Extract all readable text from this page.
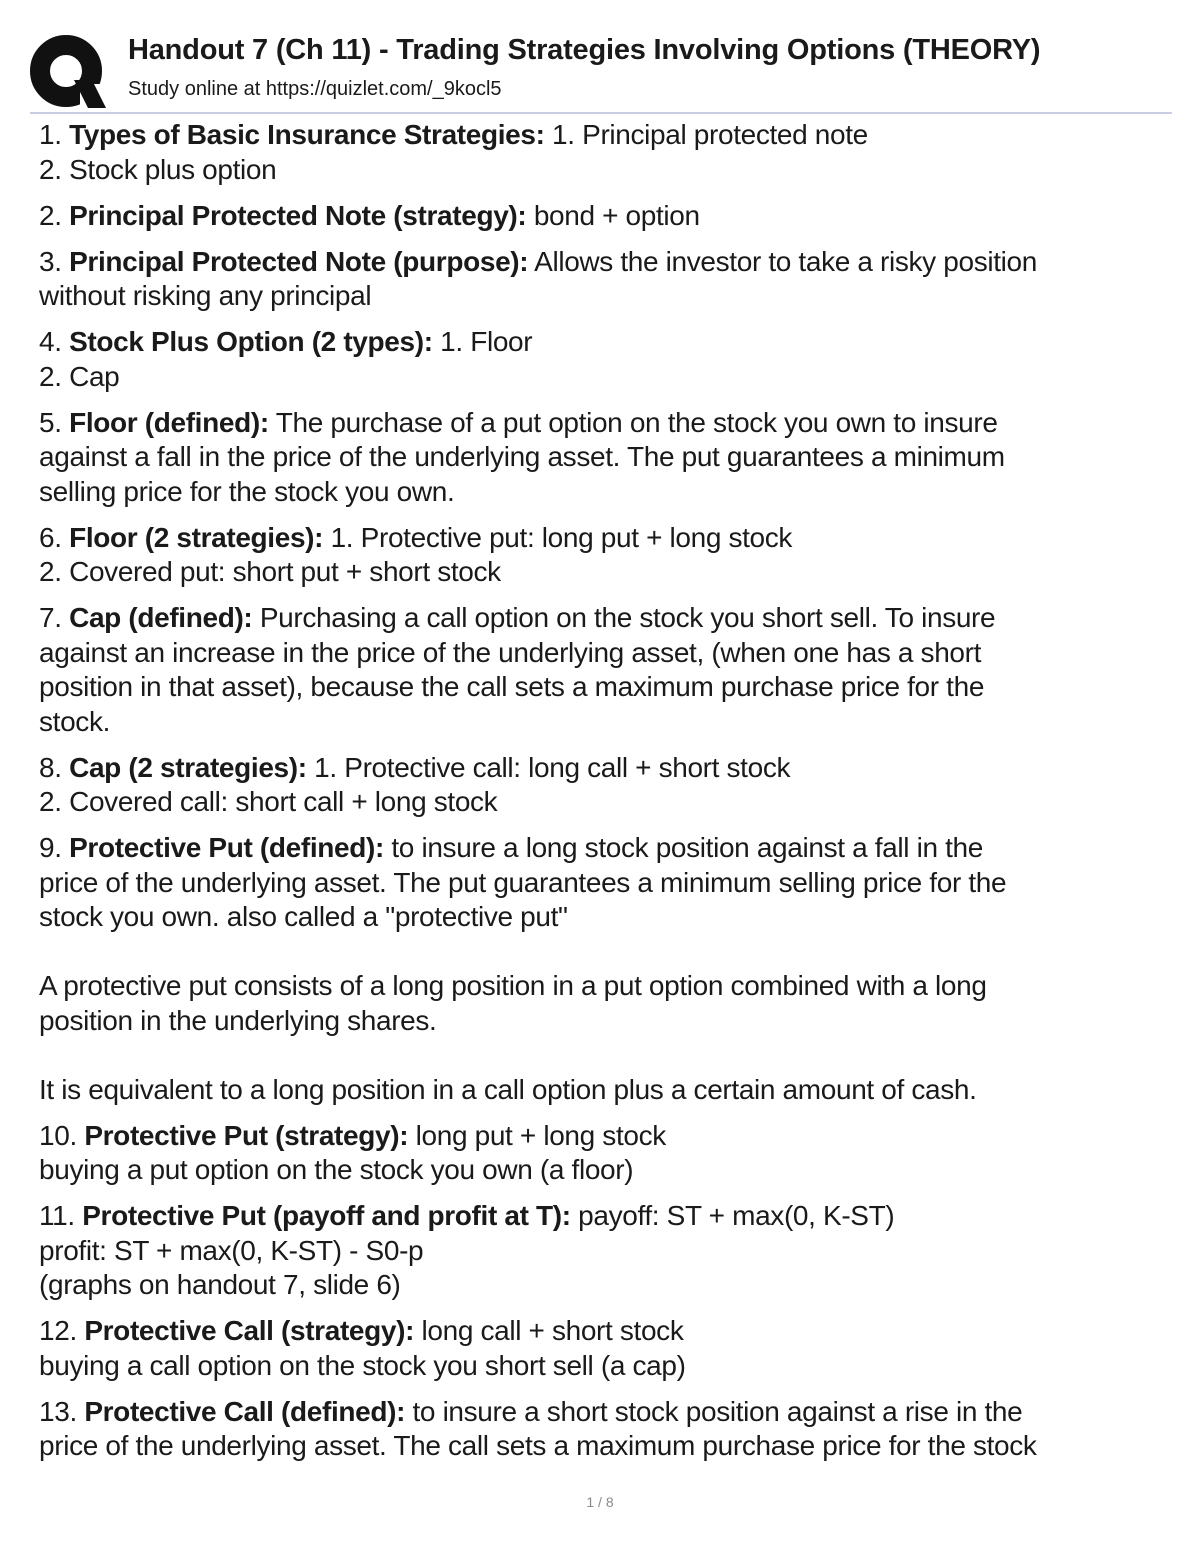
Handout 7 (Ch 11) - Trading Strategies Involving Options (THEORY)
Study online at https://quizlet.com/_9kocl5
1. Types of Basic Insurance Strategies: 1. Principal protected note
2. Stock plus option
2. Principal Protected Note (strategy): bond + option
3. Principal Protected Note (purpose): Allows the investor to take a risky position
without risking any principal
4. Stock Plus Option (2 types): 1. Floor
2. Cap
5. Floor (defined): The purchase of a put option on the stock you own to insure
against a fall in the price of the underlying asset. The put guarantees a minimum
selling price for the stock you own.
6. Floor (2 strategies): 1. Protective put: long put + long stock
2. Covered put: short put + short stock
7. Cap (defined): Purchasing a call option on the stock you short sell. To insure
against an increase in the price of the underlying asset, (when one has a short
position in that asset), because the call sets a maximum purchase price for the
stock.
8. Cap (2 strategies): 1. Protective call: long call + short stock
2. Covered call: short call + long stock
9. Protective Put (defined): to insure a long stock position against a fall in the
price of the underlying asset. The put guarantees a minimum selling price for the
stock you own. also called a "protective put"
A protective put consists of a long position in a put option combined with a long
position in the underlying shares.
It is equivalent to a long position in a call option plus a certain amount of cash.
10. Protective Put (strategy): long put + long stock
buying a put option on the stock you own (a floor)
11. Protective Put (payoff and profit at T): payoff: ST + max(0, K-ST)
profit: ST + max(0, K-ST) - S0-p
(graphs on handout 7, slide 6)
12. Protective Call (strategy): long call + short stock
buying a call option on the stock you short sell (a cap)
13. Protective Call (defined): to insure a short stock position against a rise in the
price of the underlying asset. The call sets a maximum purchase price for the stock
1 / 8
